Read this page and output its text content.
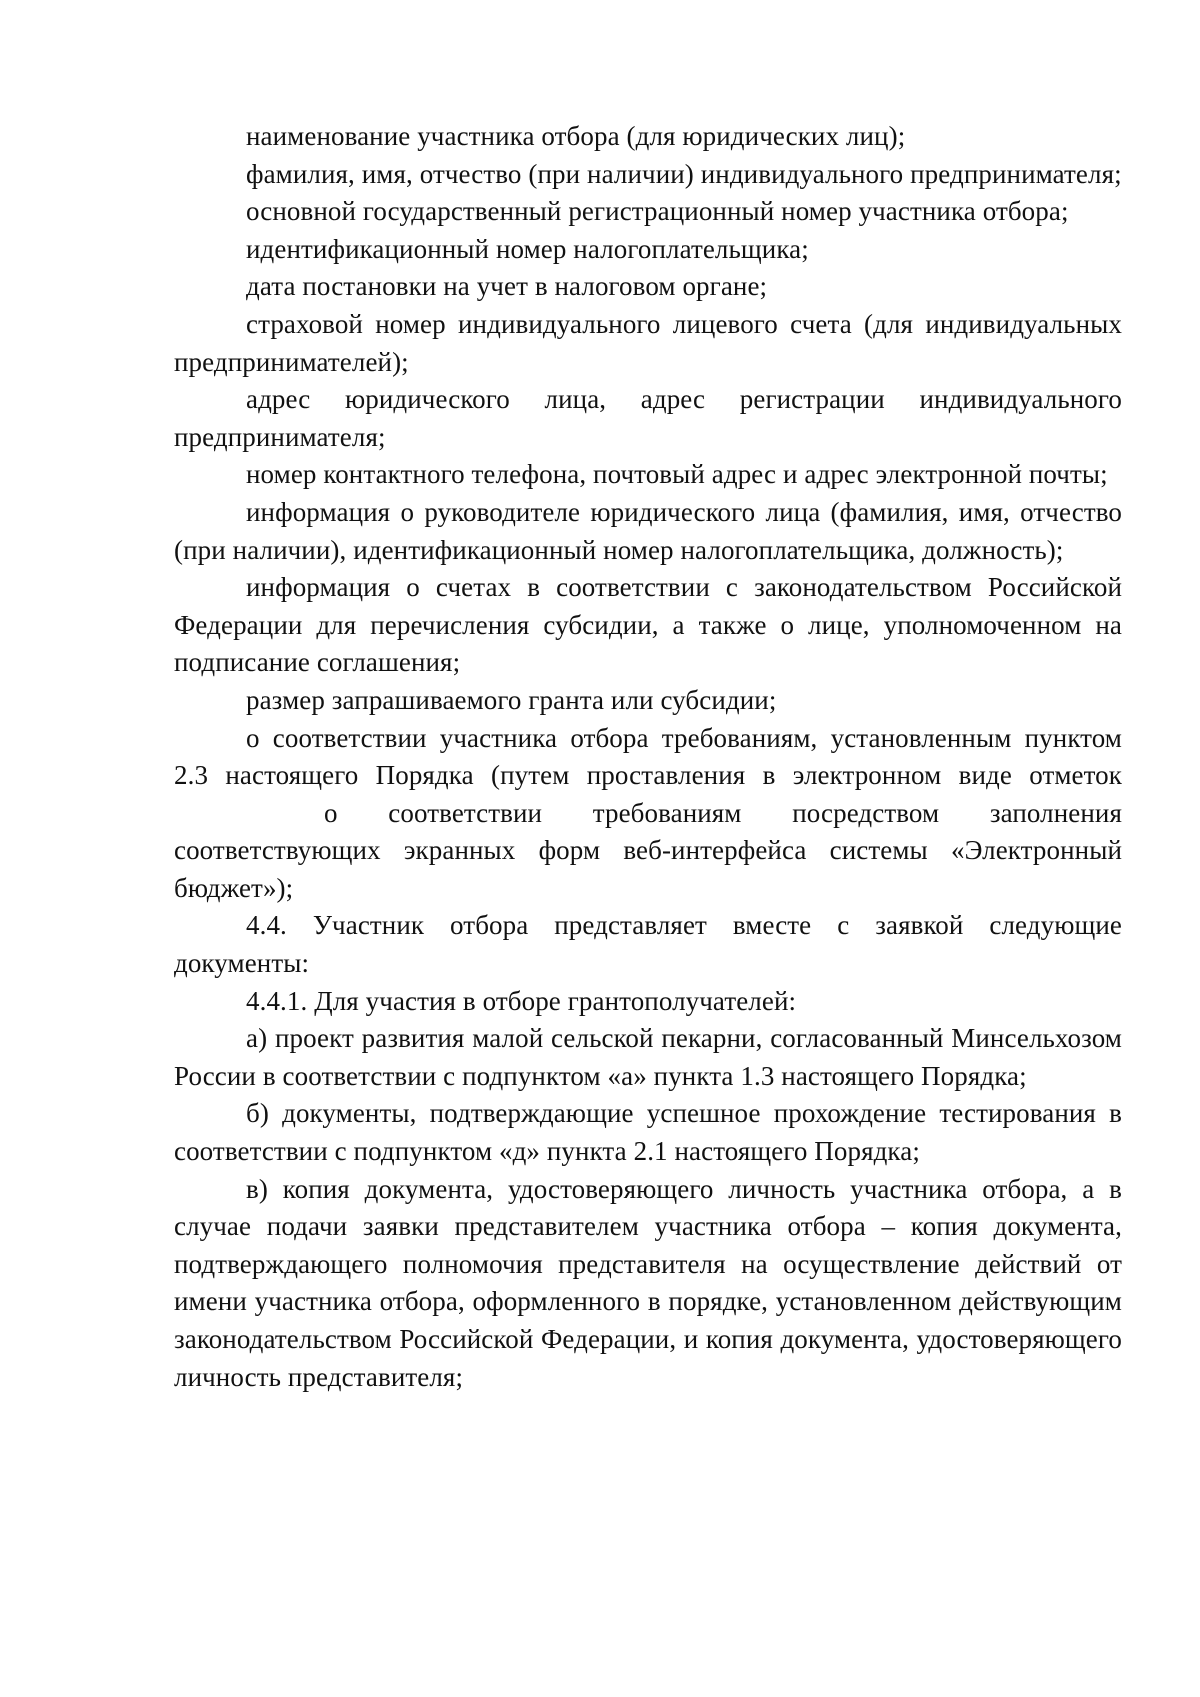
наименование участника отбора (для юридических лиц);

фамилия, имя, отчество (при наличии) индивидуального предпринимателя;

основной государственный регистрационный номер участника отбора;

идентификационный номер налогоплательщика;

дата постановки на учет в налоговом органе;

страховой номер индивидуального лицевого счета (для индивидуальных предпринимателей);

адрес юридического лица, адрес регистрации индивидуального предпринимателя;

номер контактного телефона, почтовый адрес и адрес электронной почты;

информация о руководителе юридического лица (фамилия, имя, отчество (при наличии), идентификационный номер налогоплательщика, должность);

информация о счетах в соответствии с законодательством Российской Федерации для перечисления субсидии, а также о лице, уполномоченном на подписание соглашения;

размер запрашиваемого гранта или субсидии;

о соответствии участника отбора требованиям, установленным пунктом 2.3 настоящего Порядка (путем проставления в электронном виде отметоко соответствии требованиям посредством заполнения соответствующих экранных форм веб-интерфейса системы «Электронный бюджет»);

4.4. Участник отбора представляет вместе с заявкой следующие документы:

4.4.1. Для участия в отборе грантополучателей:

а) проект развития малой сельской пекарни, согласованный Минсельхозом России в соответствии с подпунктом «а» пункта 1.3 настоящего Порядка;

б) документы, подтверждающие успешное прохождение тестирования в соответствии с подпунктом «д» пункта 2.1 настоящего Порядка;

в) копия документа, удостоверяющего личность участника отбора, а в случае подачи заявки представителем участника отбора – копия документа, подтверждающего полномочия представителя на осуществление действий от имени участника отбора, оформленного в порядке, установленном действующим законодательством Российской Федерации, и копия документа, удостоверяющего личность представителя;
